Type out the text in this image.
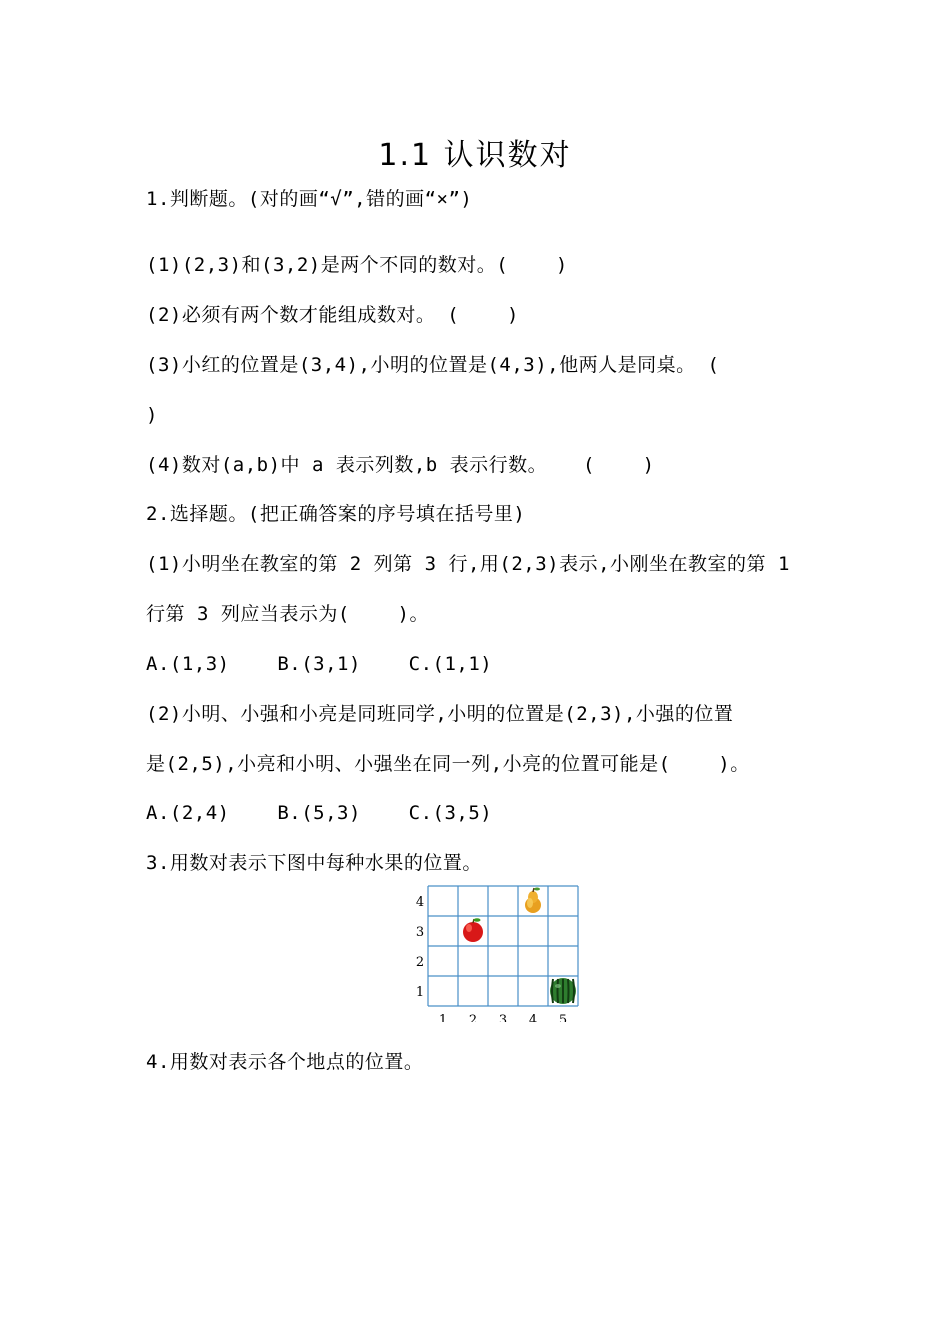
1.1 认识数对
1.判断题。(对的画“√”,错的画“×”)
(1)(2,3)和(3,2)是两个不同的数对。(    )
(2)必须有两个数才能组成数对。 (    )
(3)小红的位置是(3,4),小明的位置是(4,3),他两人是同桌。 (
)
(4)数对(a,b)中 a 表示列数,b 表示行数。   (    )
2.选择题。(把正确答案的序号填在括号里)
(1)小明坐在教室的第 2 列第 3 行,用(2,3)表示,小刚坐在教室的第 1
行第 3 列应当表示为(    )。
A.(1,3)    B.(3,1)    C.(1,1)
(2)小明、小强和小亮是同班同学,小明的位置是(2,3),小强的位置
是(2,5),小亮和小明、小强坐在同一列,小亮的位置可能是(    )。
A.(2,4)    B.(5,3)    C.(3,5)
3.用数对表示下图中每种水果的位置。
1 2 3 4 5
1
2
3
4
4.用数对表示各个地点的位置。
